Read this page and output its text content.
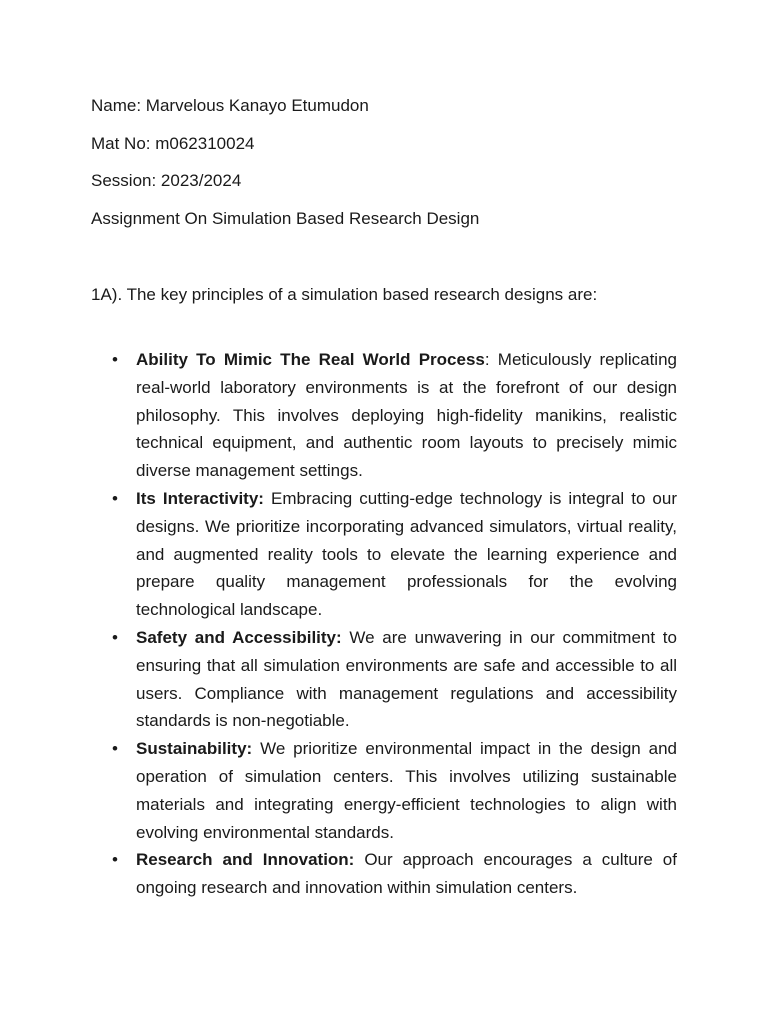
Name: Marvelous Kanayo Etumudon

Mat No: m062310024

Session: 2023/2024

Assignment On Simulation Based Research Design

1A). The key principles of a simulation based research designs are:

• Ability To Mimic The Real World Process: Meticulously replicating real-world laboratory environments is at the forefront of our design philosophy. This involves deploying high-fidelity manikins, realistic technical equipment, and authentic room layouts to precisely mimic diverse management settings.
• Its Interactivity: Embracing cutting-edge technology is integral to our designs. We prioritize incorporating advanced simulators, virtual reality, and augmented reality tools to elevate the learning experience and prepare quality management professionals for the evolving technological landscape.
• Safety and Accessibility: We are unwavering in our commitment to ensuring that all simulation environments are safe and accessible to all users. Compliance with management regulations and accessibility standards is non-negotiable.
• Sustainability: We prioritize environmental impact in the design and operation of simulation centers. This involves utilizing sustainable materials and integrating energy-efficient technologies to align with evolving environmental standards.
• Research and Innovation: Our approach encourages a culture of ongoing research and innovation within simulation centers.
